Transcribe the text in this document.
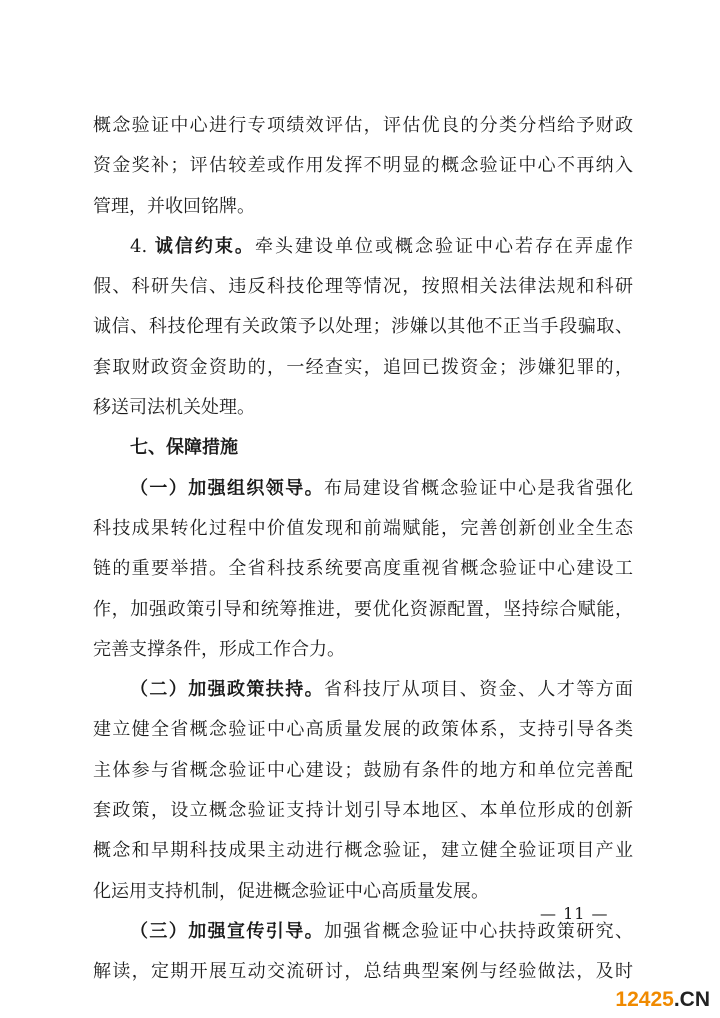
概念验证中心进行专项绩效评估，评估优良的分类分档给予财政
资金奖补；评估较差或作用发挥不明显的概念验证中心不再纳入
管理，并收回铭牌。
4. 诚信约束。牵头建设单位或概念验证中心若存在弄虚作
假、科研失信、违反科技伦理等情况，按照相关法律法规和科研
诚信、科技伦理有关政策予以处理；涉嫌以其他不正当手段骗取、
套取财政资金资助的，一经查实，追回已拨资金；涉嫌犯罪的，
移送司法机关处理。
七、保障措施
（一）加强组织领导。布局建设省概念验证中心是我省强化
科技成果转化过程中价值发现和前端赋能，完善创新创业全生态
链的重要举措。全省科技系统要高度重视省概念验证中心建设工
作，加强政策引导和统筹推进，要优化资源配置，坚持综合赋能，
完善支撑条件，形成工作合力。
（二）加强政策扶持。省科技厅从项目、资金、人才等方面
建立健全省概念验证中心高质量发展的政策体系，支持引导各类
主体参与省概念验证中心建设；鼓励有条件的地方和单位完善配
套政策，设立概念验证支持计划引导本地区、本单位形成的创新
概念和早期科技成果主动进行概念验证，建立健全验证项目产业
化运用支持机制，促进概念验证中心高质量发展。
（三）加强宣传引导。加强省概念验证中心扶持政策研究、
解读，定期开展互动交流研讨，总结典型案例与经验做法，及时
— 11 —
12425.CN
